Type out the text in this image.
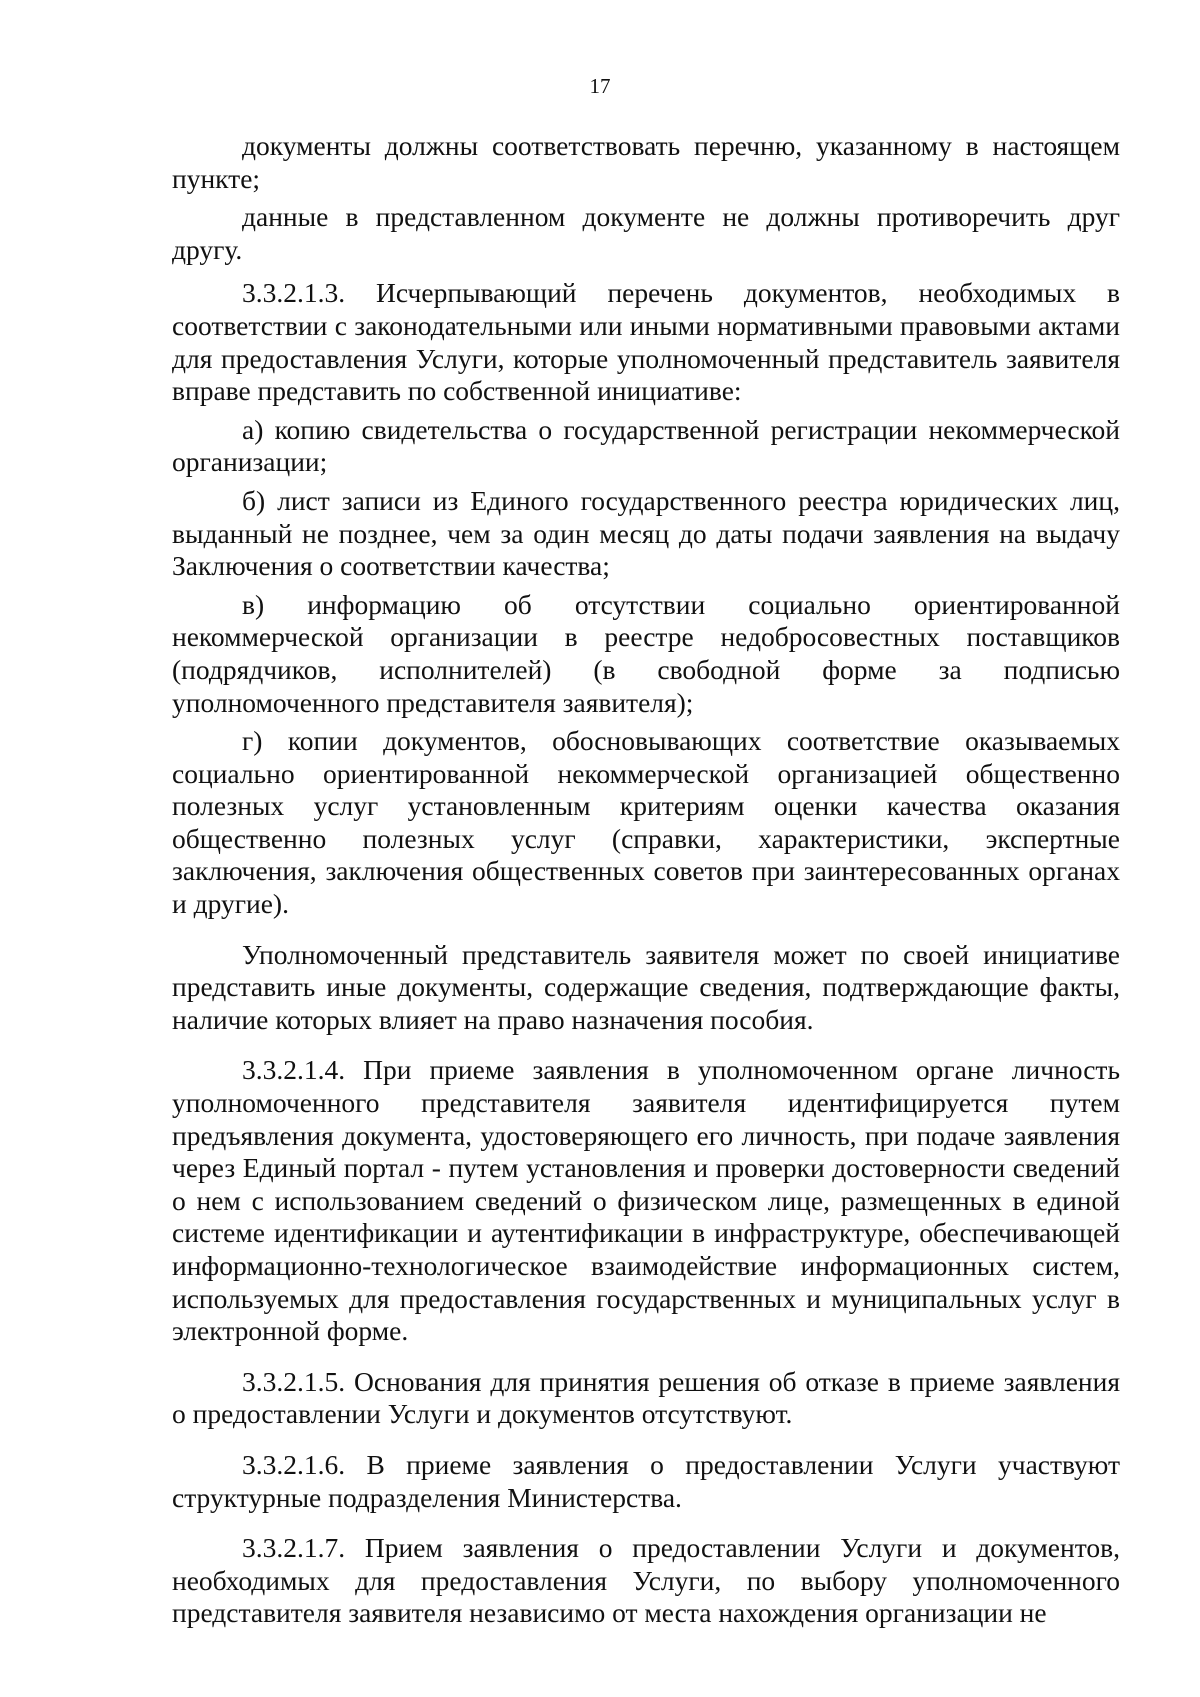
17

документы должны соответствовать перечню, указанному в настоящем пункте;

данные в представленном документе не должны противоречить друг другу.

3.3.2.1.3. Исчерпывающий перечень документов, необходимых в соответствии с законодательными или иными нормативными правовыми актами для предоставления Услуги, которые уполномоченный представитель заявителя вправе представить по собственной инициативе:

а) копию свидетельства о государственной регистрации некоммерческой организации;

б) лист записи из Единого государственного реестра юридических лиц, выданный не позднее, чем за один месяц до даты подачи заявления на выдачу Заключения о соответствии качества;

в) информацию об отсутствии социально ориентированной некоммерческой организации в реестре недобросовестных поставщиков (подрядчиков, исполнителей) (в свободной форме за подписью уполномоченного представителя заявителя);

г) копии документов, обосновывающих соответствие оказываемых социально ориентированной некоммерческой организацией общественно полезных услуг установленным критериям оценки качества оказания общественно полезных услуг (справки, характеристики, экспертные заключения, заключения общественных советов при заинтересованных органах и другие).

Уполномоченный представитель заявителя может по своей инициативе представить иные документы, содержащие сведения, подтверждающие факты, наличие которых влияет на право назначения пособия.

3.3.2.1.4. При приеме заявления в уполномоченном органе личность уполномоченного представителя заявителя идентифицируется путем предъявления документа, удостоверяющего его личность, при подаче заявления через Единый портал - путем установления и проверки достоверности сведений о нем с использованием сведений о физическом лице, размещенных в единой системе идентификации и аутентификации в инфраструктуре, обеспечивающей информационно-технологическое взаимодействие информационных систем, используемых для предоставления государственных и муниципальных услуг в электронной форме.

3.3.2.1.5. Основания для принятия решения об отказе в приеме заявления о предоставлении Услуги и документов отсутствуют.

3.3.2.1.6. В приеме заявления о предоставлении Услуги участвуют структурные подразделения Министерства.

3.3.2.1.7. Прием заявления о предоставлении Услуги и документов, необходимых для предоставления Услуги, по выбору уполномоченного представителя заявителя независимо от места нахождения организации не
